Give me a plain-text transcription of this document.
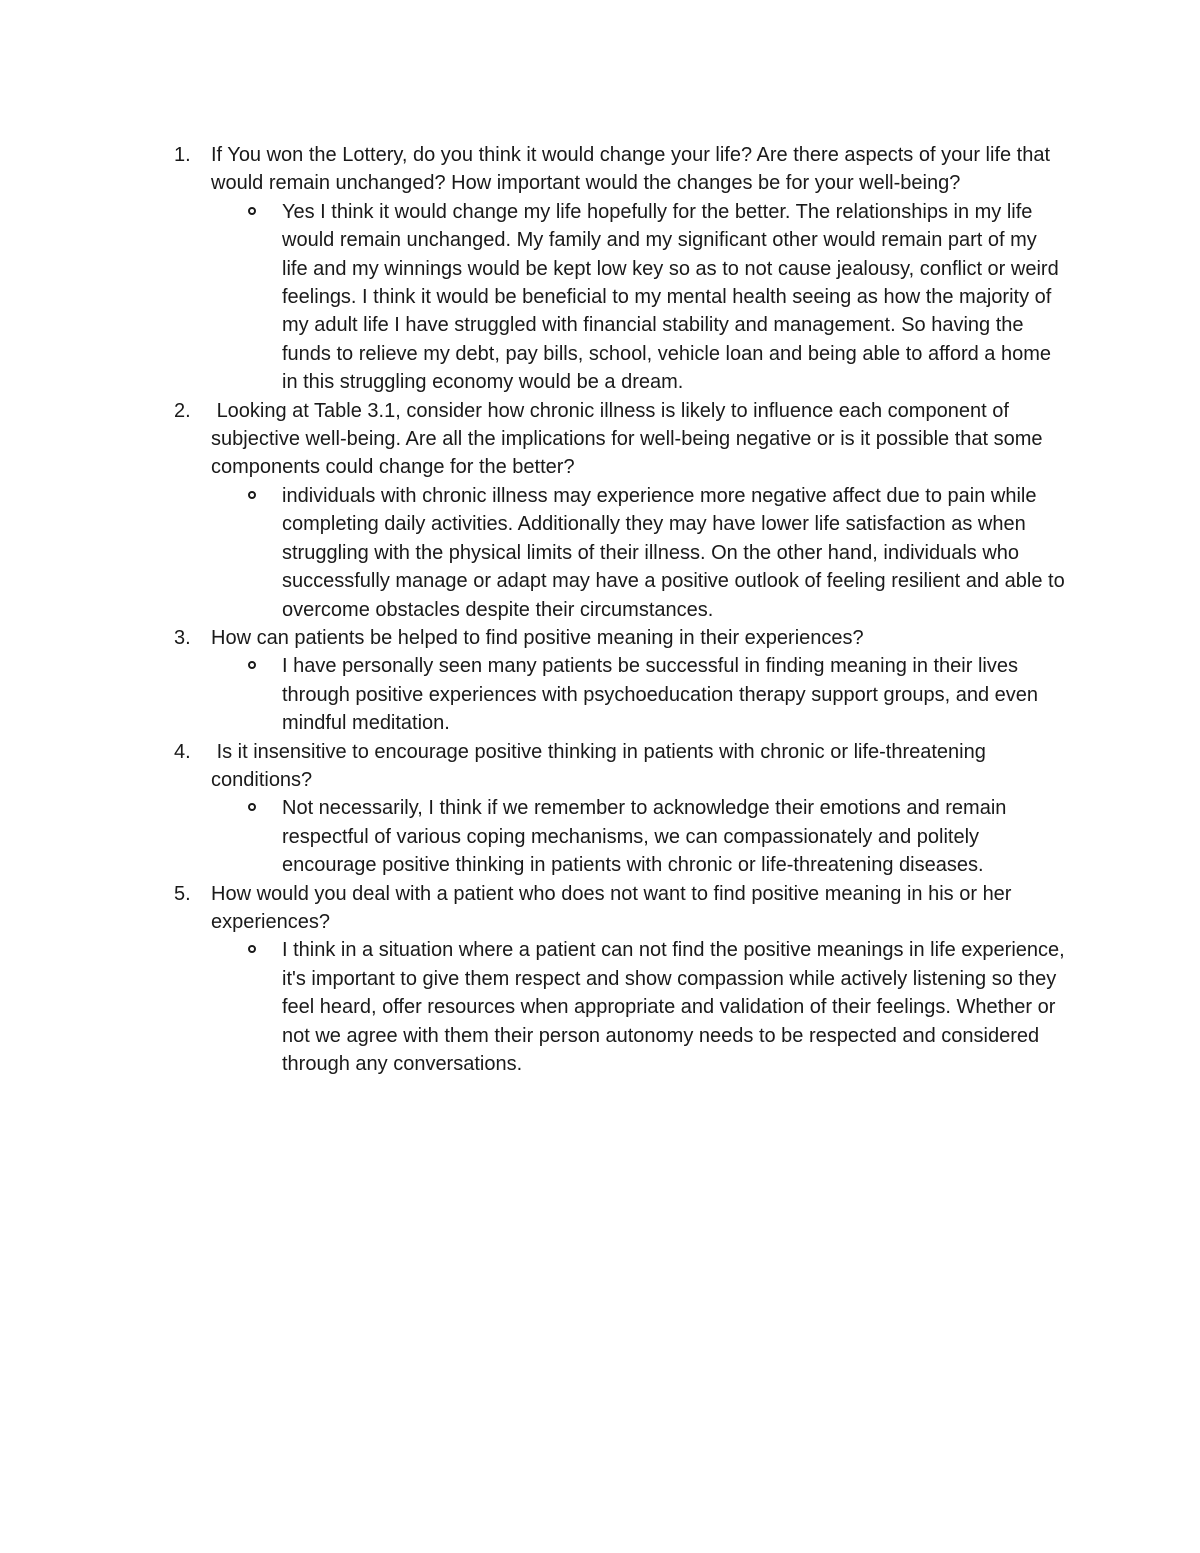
1. If You won the Lottery, do you think it would change your life? Are there aspects of your life that would remain unchanged? How important would the changes be for your well-being?

Yes I think it would change my life hopefully for the better. The relationships in my life would remain unchanged. My family and my significant other would remain part of my life and my winnings would be kept low key so as to not cause jealousy, conflict or weird feelings. I think it would be beneficial to my mental health seeing as how the majority of my adult life I have struggled with financial stability and management. So having the funds to relieve my debt, pay bills, school, vehicle loan and being able to afford a home in this struggling economy would be a dream.

2. Looking at Table 3.1, consider how chronic illness is likely to influence each component of subjective well-being. Are all the implications for well-being negative or is it possible that some components could change for the better?

individuals with chronic illness may experience more negative affect due to pain while completing daily activities. Additionally they may have lower life satisfaction as when struggling with the physical limits of their illness. On the other hand, individuals who successfully manage or adapt may have a positive outlook of feeling resilient and able to overcome obstacles despite their circumstances.

3. How can patients be helped to find positive meaning in their experiences?

I have personally seen many patients be successful in finding meaning in their lives through positive experiences with psychoeducation therapy support groups, and even mindful meditation.

4. Is it insensitive to encourage positive thinking in patients with chronic or life-threatening conditions?

Not necessarily, I think if we remember to acknowledge their emotions and remain respectful of various coping mechanisms, we can compassionately and politely encourage positive thinking in patients with chronic or life-threatening diseases.

5. How would you deal with a patient who does not want to find positive meaning in his or her experiences?

I think in a situation where a patient can not find the positive meanings in life experience, it's important to give them respect and show compassion while actively listening so they feel heard, offer resources when appropriate and validation of their feelings. Whether or not we agree with them their person autonomy needs to be respected and considered through any conversations.
